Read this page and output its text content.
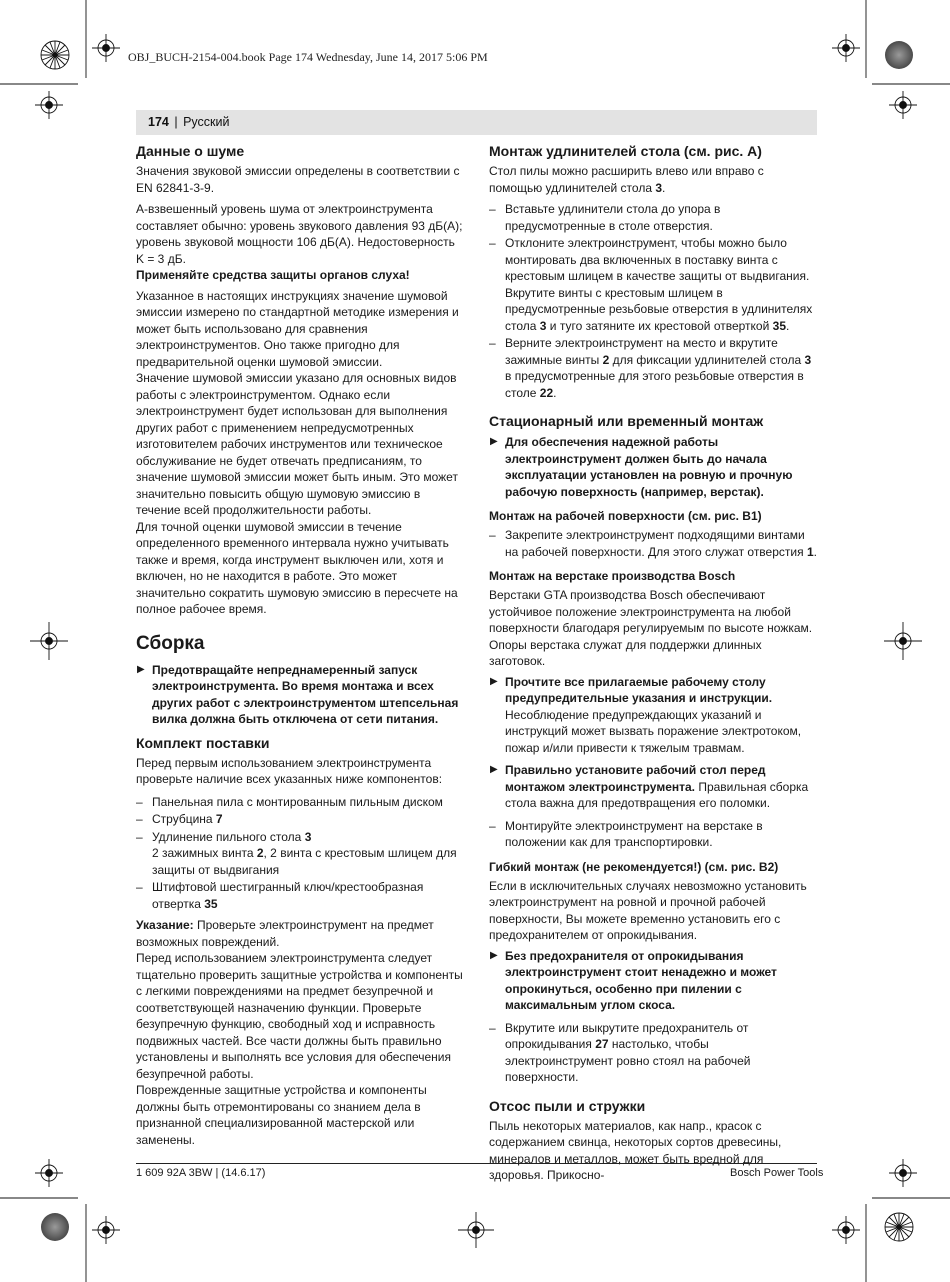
OBJ_BUCH-2154-004.book Page 174 Wednesday, June 14, 2017 5:06 PM

174 | Русский
Данные о шуме

Значения звуковой эмиссии определены в соответствии с EN 62841-3-9.

А-взвешенный уровень шума от электроинструмента составляет обычно: уровень звукового давления 93 дБ(A); уровень звуковой мощности 106 дБ(A). Недостоверность K = 3 дБ.

Применяйте средства защиты органов слуха!

Указанное в настоящих инструкциях значение шумовой эмиссии измерено по стандартной методике измерения и может быть использовано для сравнения электроинструментов. Оно также пригодно для предварительной оценки шумовой эмиссии.

Значение шумовой эмиссии указано для основных видов работы с электроинструментом. Однако если электроинструмент будет использован для выполнения других работ с применением непредусмотренных изготовителем рабочих инструментов или техническое обслуживание не будет отвечать предписаниям, то значение шумовой эмиссии может быть иным. Это может значительно повысить общую шумовую эмиссию в течение всей продолжительности работы.

Для точной оценки шумовой эмиссии в течение определенного временного интервала нужно учитывать также и время, когда инструмент выключен или, хотя и включен, но не находится в работе. Это может значительно сократить шумовую эмиссию в пересчете на полное рабочее время.

Сборка
▶ Предотвращайте непреднамеренный запуск электроинструмента. Во время монтажа и всех других работ с электроинструментом штепсельная вилка должна быть отключена от сети питания.
Комплект поставки

Перед первым использованием электроинструмента проверьте наличие всех указанных ниже компонентов:

– Панельная пила с монтированным пильным диском
– Струбцина 7
– Удлинение пильного стола 3
2 зажимных винта 2, 2 винта с крестовым шлицем для защиты от выдвигания
– Штифтовой шестигранный ключ/крестообразная отвертка 35

Указание: Проверьте электроинструмент на предмет возможных повреждений.

Перед использованием электроинструмента следует тщательно проверить защитные устройства и компоненты с легкими повреждениями на предмет безупречной и соответствующей назначению функции. Проверьте безупречную функцию, свободный ход и исправность подвижных частей. Все части должны быть правильно установлены и выполнять все условия для обеспечения безупречной работы.

Поврежденные защитные устройства и компоненты должны быть отремонтированы со знанием дела в признанной специализированной мастерской или заменены.

Монтаж удлинителей стола (см. рис. A)

Стол пилы можно расширить влево или вправо с помощью удлинителей стола 3.

– Вставьте удлинители стола до упора в предусмотренные в столе отверстия.
– Отклоните электроинструмент, чтобы можно было монтировать два включенных в поставку винта с крестовым шлицем в качестве защиты от выдвигания.
Вкрутите винты с крестовым шлицем в предусмотренные резьбовые отверстия в удлинителях стола 3 и туго затяните их крестовой отверткой 35.
– Верните электроинструмент на место и вкрутите зажимные винты 2 для фиксации удлинителей стола 3 в предусмотренные для этого резьбовые отверстия в столе 22.
Стационарный или временный монтаж
▶ Для обеспечения надежной работы электроинструмент должен быть до начала эксплуатации установлен на ровную и прочную рабочую поверхность (например, верстак).
Монтаж на рабочей поверхности (см. рис. B1)
– Закрепите электроинструмент подходящими винтами на рабочей поверхности. Для этого служат отверстия 1.
Монтаж на верстаке производства Bosch

Верстаки GTA производства Bosch обеспечивают устойчивое положение электроинструмента на любой поверхности благодаря регулируемым по высоте ножкам. Опоры верстака служат для поддержки длинных заготовок.

▶ Прочтите все прилагаемые рабочему столу предупредительные указания и инструкции. Несоблюдение предупреждающих указаний и инструкций может вызвать поражение электротоком, пожар и/или привести к тяжелым травмам.
▶ Правильно установите рабочий стол перед монтажом электроинструмента. Правильная сборка стола важна для предотвращения его поломки.
– Монтируйте электроинструмент на верстаке в положении как для транспортировки.
Гибкий монтаж (не рекомендуется!) (см. рис. B2)

Если в исключительных случаях невозможно установить электроинструмент на ровной и прочной рабочей поверхности, Вы можете временно установить его с предохранителем от опрокидывания.

▶ Без предохранителя от опрокидывания электроинструмент стоит ненадежно и может опрокинуться, особенно при пилении с максимальным углом скоса.
– Вкрутите или выкрутите предохранитель от опрокидывания 27 настолько, чтобы электроинструмент ровно стоял на рабочей поверхности.
Отсос пыли и стружки

Пыль некоторых материалов, как напр., красок с содержанием свинца, некоторых сортов древесины, минералов и металлов, может быть вредной для здоровья. Прикосно-

1 609 92A 3BW | (14.6.17)	Bosch Power Tools
